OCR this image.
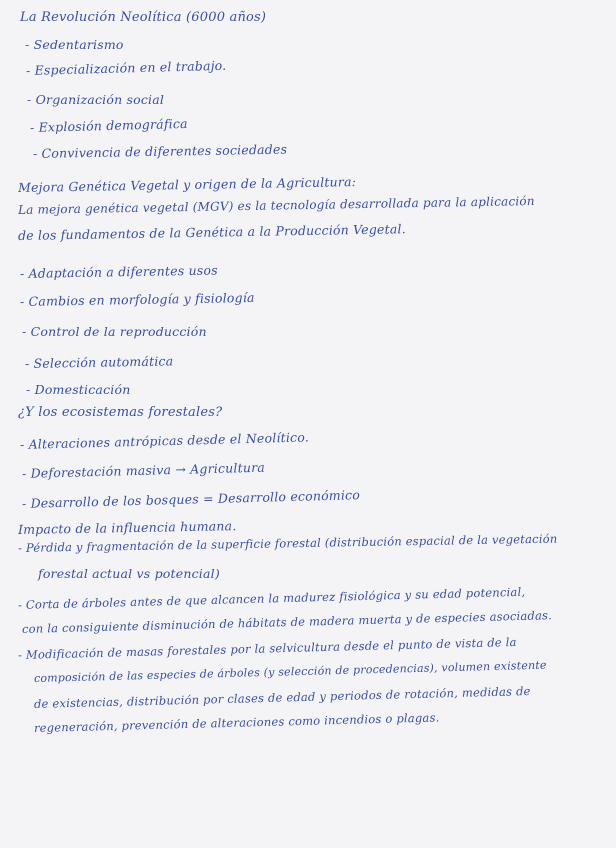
La Revolución Neolítica (6000 años)
- Sedentarismo
- Especialización en el trabajo.
- Organización social
- Explosión demográfica
- Convivencia de diferentes sociedades
Mejora Genética Vegetal y origen de la Agricultura:
La mejora genética vegetal (MGV) es la tecnología desarrollada para la aplicación
de los fundamentos de la Genética a la Producción Vegetal.
- Adaptación a diferentes usos
- Cambios en morfología y fisiología
- Control de la reproducción
- Selección automática
- Domesticación
¿Y los ecosistemas forestales?
- Alteraciones antrópicas desde el Neolítico.
- Deforestación masiva → Agricultura
- Desarrollo de los bosques = Desarrollo económico
Impacto de la influencia humana.
- Pérdida y fragmentación de la superficie forestal (distribución espacial de la vegetación
forestal actual vs potencial)
- Corta de árboles antes de que alcancen la madurez fisiológica y su edad potencial,
con la consiguiente disminución de hábitats de madera muerta y de especies asociadas.
- Modificación de masas forestales por la selvicultura desde el punto de vista de la
composición de las especies de árboles (y selección de procedencias), volumen existente
de existencias, distribución por clases de edad y periodos de rotación, medidas de
regeneración, prevención de alteraciones como incendios o plagas.
